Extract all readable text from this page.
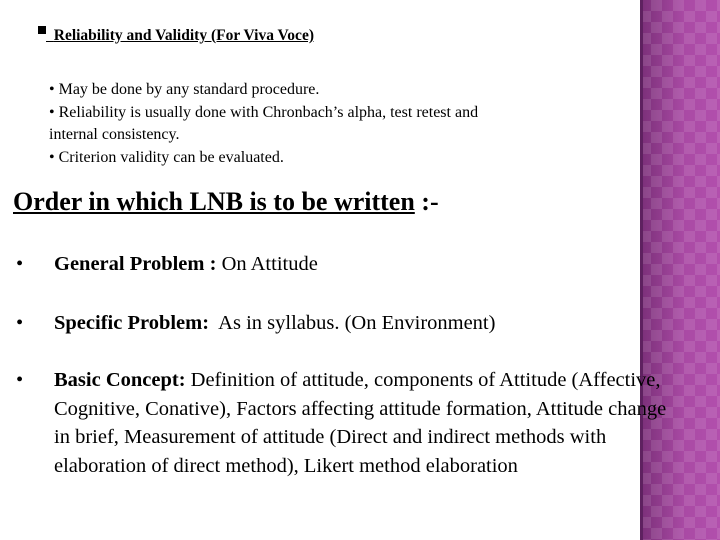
Reliability and Validity (For Viva Voce)
• May be done by any standard procedure.
• Reliability is usually done with Chronbach’s alpha, test retest and
internal consistency.
• Criterion validity can be evaluated.
Order in which LNB is to be written :-
• General Problem : On Attitude
• Specific Problem:  As in syllabus. (On Environment)
• Basic Concept: Definition of attitude, components of Attitude (Affective, Cognitive, Conative), Factors affecting attitude formation, Attitude change in brief, Measurement of attitude (Direct and indirect methods with elaboration of direct method), Likert method elaboration
